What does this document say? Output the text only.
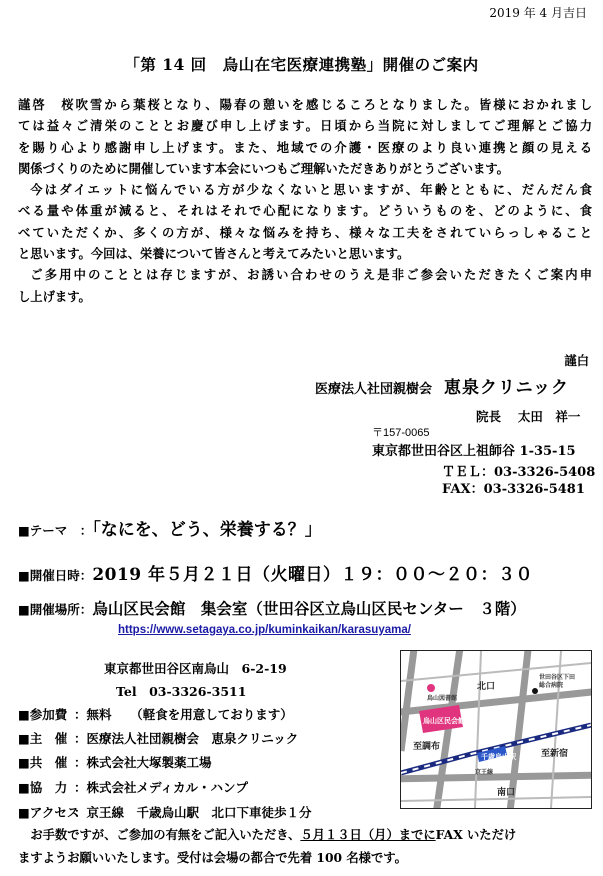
2019 年 4 月吉日
「第 14 回　烏山在宅医療連携塾」開催のご案内

謹啓　桜吹雪から葉桜となり、陽春の憩いを感じるころとなりました。皆様におかれまし

ては益々ご清栄のこととお慶び申し上げます。日頃から当院に対しましてご理解とご協力

を賜り心より感謝申し上げます。また、地域での介護・医療のより良い連携と顔の見える

関係づくりのために開催しています本会にいつもご理解いただきありがとうございます。

今はダイエットに悩んでいる方が少なくないと思いますが、年齢とともに、だんだん食

べる量や体重が減ると、それはそれで心配になります。どういうものを、どのように、食

べていただくか、多くの方が、様々な悩みを持ち、様々な工夫をされていらっしゃること

と思います。今回は、栄養について皆さんと考えてみたいと思います。

ご多用中のこととは存じますが、お誘い合わせのうえ是非ご参会いただきたくご案内申

し上げます。

謹白
医療法人社団親樹会 恵泉クリニック
院長　 太田　祥一
〒157-0065
東京都世田谷区上祖師谷 1-35-15
ＴＥＬ：03-3326-5408
FAX：03-3326-5481
■テーマ　：「なにを、どう、栄養する？」
■開催日時：2019 年５月２１日（火曜日）１９：００～２０：３０
■開催場所：烏山区民会館　集会室（世田谷区立烏山区民センター　３階）
https://www.setagaya.co.jp/kuminkaikan/karasuyama/
東京都世田谷区南烏山　6-2-19
Tel　03-3326-3511
■参加費 ：無料　　（軽食を用意しております）
■主　催 ：医療法人社団親樹会　恵泉クリニック
■共　催 ：株式会社大塚製薬工場
■協　力 ：株式会社メディカル・ハンプ
■アクセス：京王線　千歳烏山駅　北口下車徒歩１分

　お手数ですが、ご参加の有無をご記入いただき、５月１３日（月）までにFAX いただけ

ますようお願いいたします。受付は会場の都合で先着 100 名様です。

烏山図書館
烏山区民会館
北口
世田谷区下田
総合病院
至調布
至新宿
千歳烏山駅
京王線
南口
